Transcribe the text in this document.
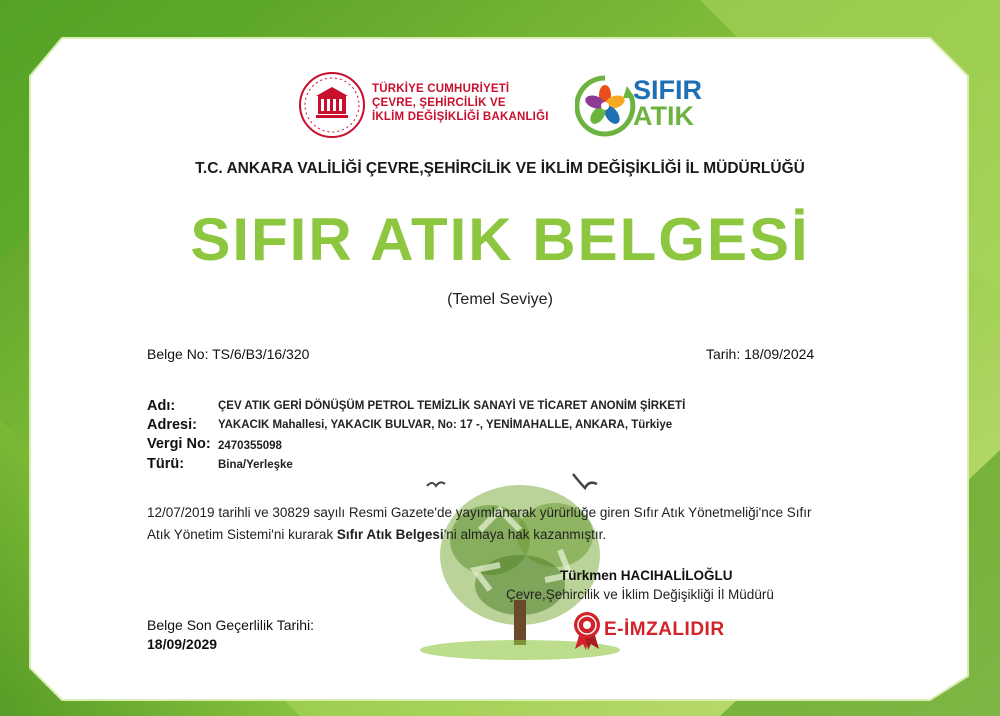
TÜRKİYE CUMHURİYETİ
ÇEVRE, ŞEHİRCİLİK VE
İKLİM DEĞİŞİKLİĞİ BAKANLIĞI
SIFIR
ATIK
T.C. ANKARA VALİLİĞİ ÇEVRE,ŞEHİRCİLİK VE İKLİM DEĞİŞİKLİĞİ İL MÜDÜRLÜĞÜ
SIFIR ATIK BELGESİ
(Temel Seviye)
Belge No: TS/6/B3/16/320	Tarih: 18/09/2024
Adı:	ÇEV ATIK GERİ DÖNÜŞÜM PETROL TEMİZLİK SANAYİ VE TİCARET ANONİM ŞİRKETİ
Adresi: YAKACIK Mahallesi, YAKACIK BULVAR, No: 17 -, YENİMAHALLE, ANKARA, Türkiye
Vergi No: 2470355098
Türü:	Bina/Yerleşke
12/07/2019 tarihli ve 30829 sayılı Resmi Gazete'de yayımlanarak yürürlüğe giren Sıfır Atık Yönetmeliği'nce Sıfır Atık Yönetim Sistemi'ni kurarak Sıfır Atık Belgesi'ni almaya hak kazanmıştır.
Türkmen HACIHALİLOĞLU
Çevre,Şehircilik ve İklim Değişikliği İl Müdürü
Belge Son Geçerlilik Tarihi:
18/09/2029
E-İMZALIDIR
